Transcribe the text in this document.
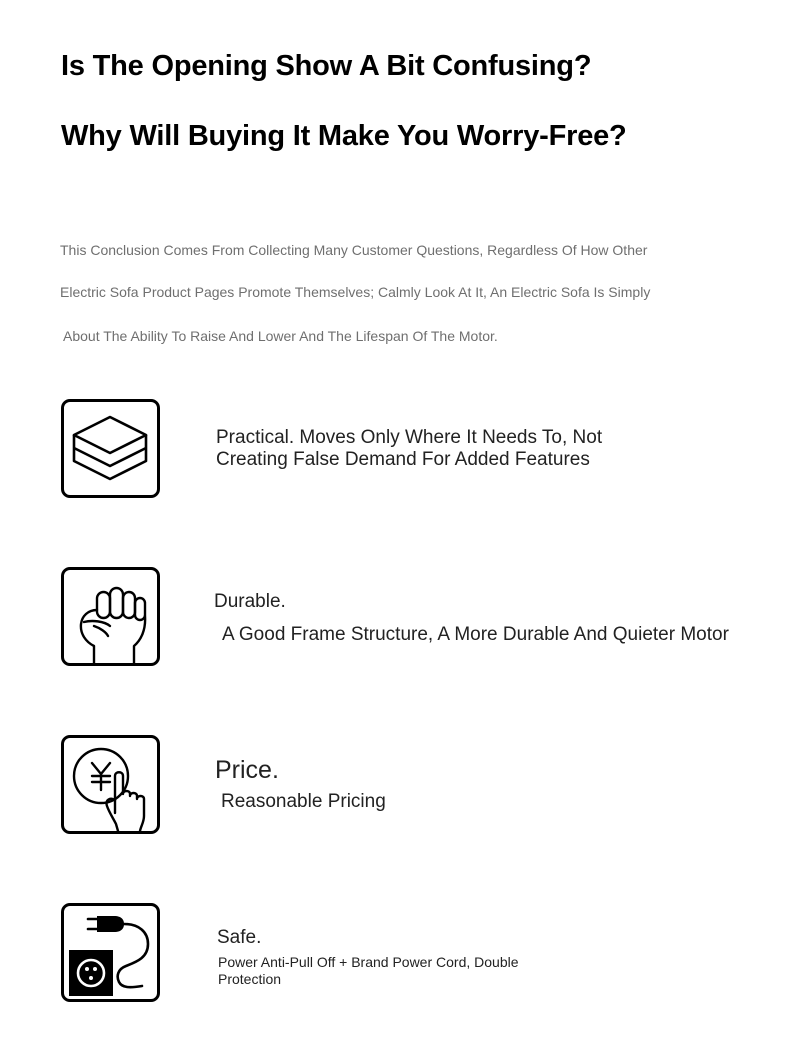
Is The Opening Show A Bit Confusing?
Why Will Buying It Make You Worry-Free?
This Conclusion Comes From Collecting Many Customer Questions, Regardless Of How Other
Electric Sofa Product Pages Promote Themselves; Calmly Look At It, An Electric Sofa Is Simply
About The Ability To Raise And Lower And The Lifespan Of The Motor.
Practical. Moves Only Where It Needs To, Not
Creating False Demand For Added Features
Durable.
A Good Frame Structure, A More Durable And Quieter Motor
Price.
Reasonable Pricing
Safe.
Power Anti-Pull Off + Brand Power Cord, Double Protection
